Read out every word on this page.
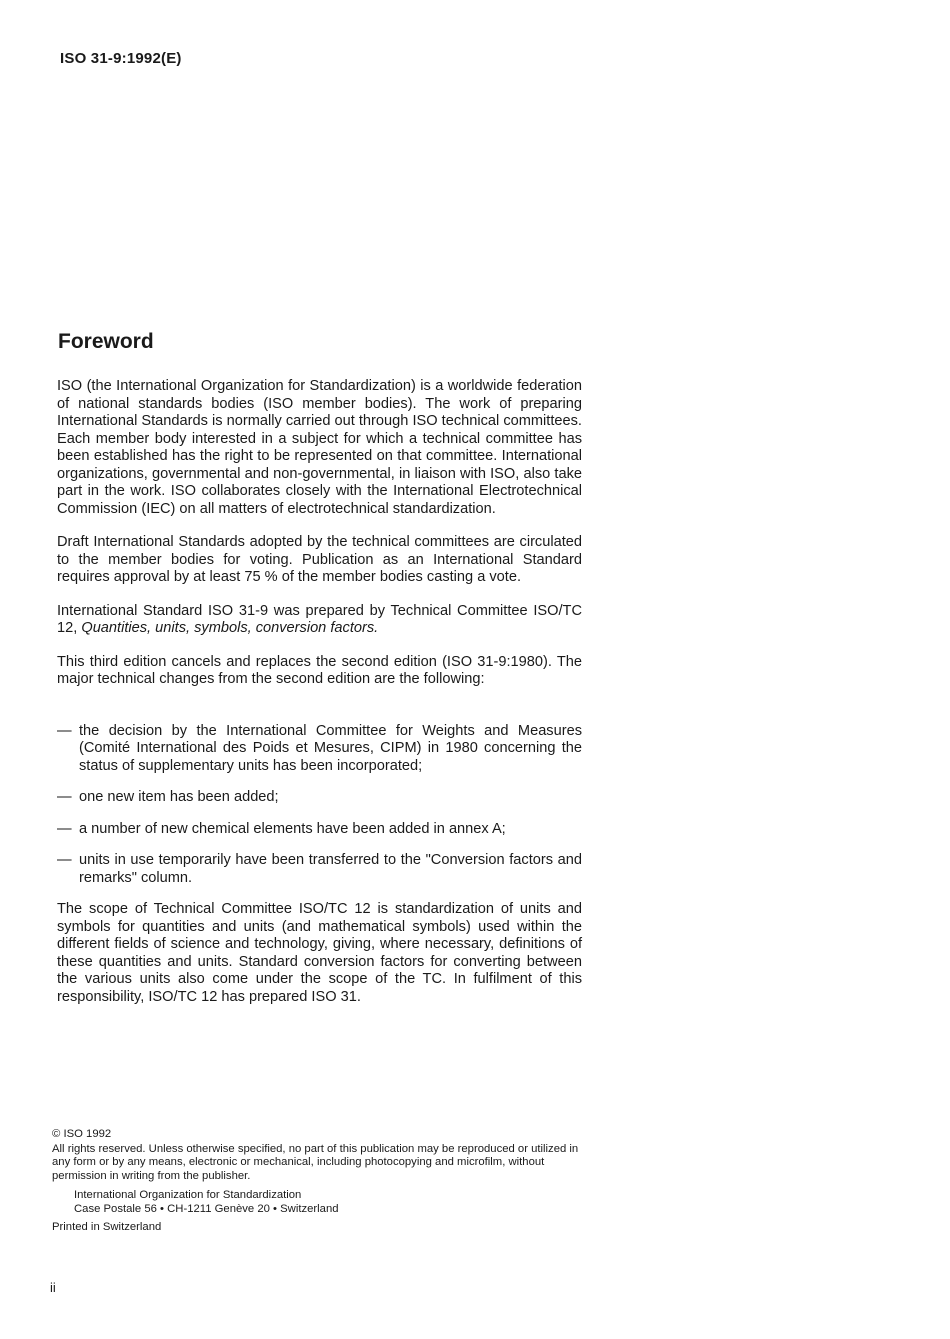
ISO 31-9:1992(E)
Foreword

ISO (the International Organization for Standardization) is a worldwide federation of national standards bodies (ISO member bodies). The work of preparing International Standards is normally carried out through ISO technical committees. Each member body interested in a subject for which a technical committee has been established has the right to be represented on that committee. International organizations, governmental and non-governmental, in liaison with ISO, also take part in the work. ISO collaborates closely with the International Electrotechnical Commission (IEC) on all matters of electrotechnical standardization.

Draft International Standards adopted by the technical committees are circulated to the member bodies for voting. Publication as an International Standard requires approval by at least 75 % of the member bodies casting a vote.

International Standard ISO 31-9 was prepared by Technical Committee ISO/TC 12, Quantities, units, symbols, conversion factors.

This third edition cancels and replaces the second edition (ISO 31-9:1980). The major technical changes from the second edition are the following:

— the decision by the International Committee for Weights and Measures (Comité International des Poids et Mesures, CIPM) in 1980 concerning the status of supplementary units has been incorporated;
— one new item has been added;
— a number of new chemical elements have been added in annex A;
— units in use temporarily have been transferred to the "Conversion factors and remarks" column.

The scope of Technical Committee ISO/TC 12 is standardization of units and symbols for quantities and units (and mathematical symbols) used within the different fields of science and technology, giving, where necessary, definitions of these quantities and units. Standard conversion factors for converting between the various units also come under the scope of the TC. In fulfilment of this responsibility, ISO/TC 12 has prepared ISO 31.

© ISO 1992
All rights reserved. Unless otherwise specified, no part of this publication may be reproduced or utilized in any form or by any means, electronic or mechanical, including photocopying and microfilm, without permission in writing from the publisher.
International Organization for Standardization
Case Postale 56 • CH-1211 Genève 20 • Switzerland
Printed in Switzerland
ii
